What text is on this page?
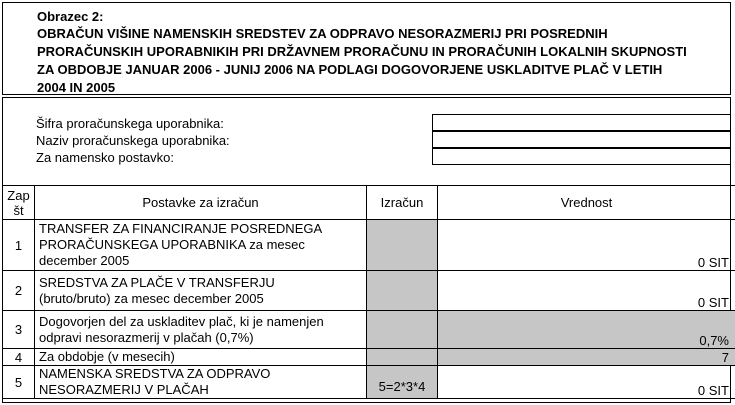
Obrazec 2:
OBRAČUN VIŠINE NAMENSKIH SREDSTEV ZA ODPRAVO NESORAZMERIJ PRI POSREDNIH
PRORAČUNSKIH UPORABNIKIH PRI DRŽAVNEM PRORAČUNU IN PRORAČUNIH LOKALNIH SKUPNOSTI
ZA OBDOBJE JANUAR 2006 - JUNIJ 2006 NA PODLAGI DOGOVORJENE USKLADITVE PLAČ V LETIH
2004 IN 2005
Šifra proračunskega uporabnika:
Naziv proračunskega uporabnika:
Za namensko postavko:
Zap
št	Postavke za izračun	Izračun	Vrednost
1	TRANSFER ZA FINANCIRANJE POSREDNEGA
PRORAČUNSKEGA UPORABNIKA za mesec
december 2005		0 SIT
2	SREDSTVA ZA PLAČE V TRANSFERJU
(bruto/bruto) za mesec december 2005		0 SIT
3	Dogovorjen del za uskladitev plač, ki je namenjen
odpravi nesorazmerij v plačah (0,7%)		0,7%
4	Za obdobje (v mesecih)		7
5	NAMENSKA SREDSTVA ZA ODPRAVO
NESORAZMERIJ V PLAČAH	5=2*3*4	0 SIT
